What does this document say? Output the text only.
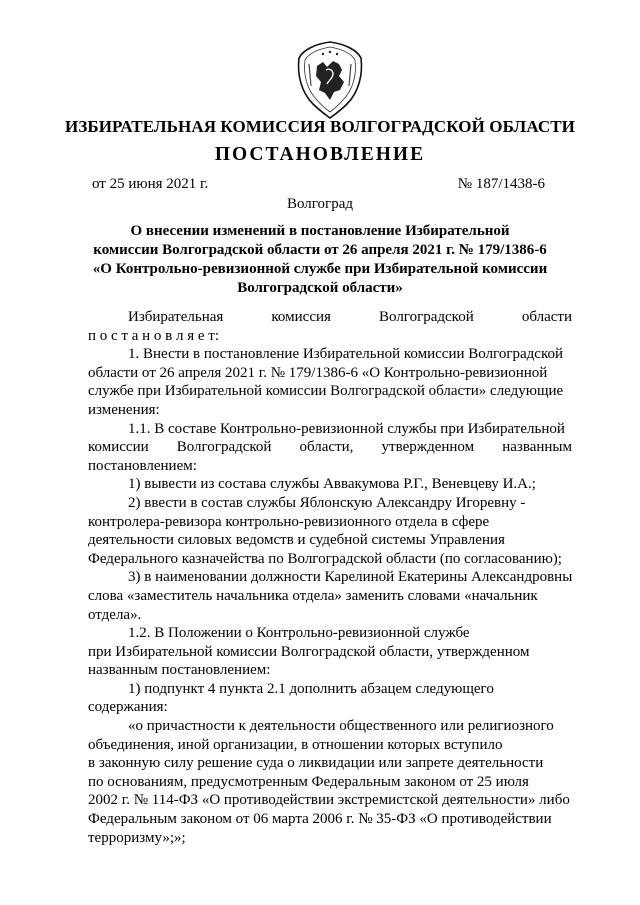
ИЗБИРАТЕЛЬНАЯ КОМИССИЯ ВОЛГОГРАДСКОЙ ОБЛАСТИ
ПОСТАНОВЛЕНИЕ
от 25 июня 2021 г.	№ 187/1438-6
Волгоград
О внесении изменений в постановление Избирательной
комиссии Волгоградской области от 26 апреля 2021 г. № 179/1386-6
«О Контрольно-ревизионной службе при Избирательной комиссии
Волгоградской области»
Избирательная	комиссия	Волгоградской	области
п о с т а н о в л я е т:
1. Внести в постановление Избирательной комиссии Волгоградской
области от 26 апреля 2021 г. № 179/1386-6 «О Контрольно-ревизионной
службе при Избирательной комиссии Волгоградской области» следующие
изменения:
1.1. В составе Контрольно-ревизионной службы при Избирательной
комиссии Волгоградской области, утвержденном названным
постановлением:
1) вывести из состава службы Аввакумова Р.Г., Веневцеву И.А.;
2) ввести в состав службы Яблонскую Александру Игоревну -
контролера-ревизора контрольно-ревизионного отдела в сфере
деятельности силовых ведомств и судебной системы Управления
Федерального казначейства по Волгоградской области (по согласованию);
3) в наименовании должности Карелиной Екатерины Александровны
слова «заместитель начальника отдела» заменить словами «начальник
отдела».
1.2. В Положении о Контрольно-ревизионной службе
при Избирательной комиссии Волгоградской области, утвержденном
названным постановлением:
1) подпункт 4 пункта 2.1 дополнить абзацем следующего
содержания:
«о причастности к деятельности общественного или религиозного
объединения, иной организации, в отношении которых вступило
в законную силу решение суда о ликвидации или запрете деятельности
по основаниям, предусмотренным Федеральным законом от 25 июля
2002 г. № 114-ФЗ «О противодействии экстремистской деятельности» либо
Федеральным законом от 06 марта 2006 г. № 35-ФЗ «О противодействии
терроризму»;»;
